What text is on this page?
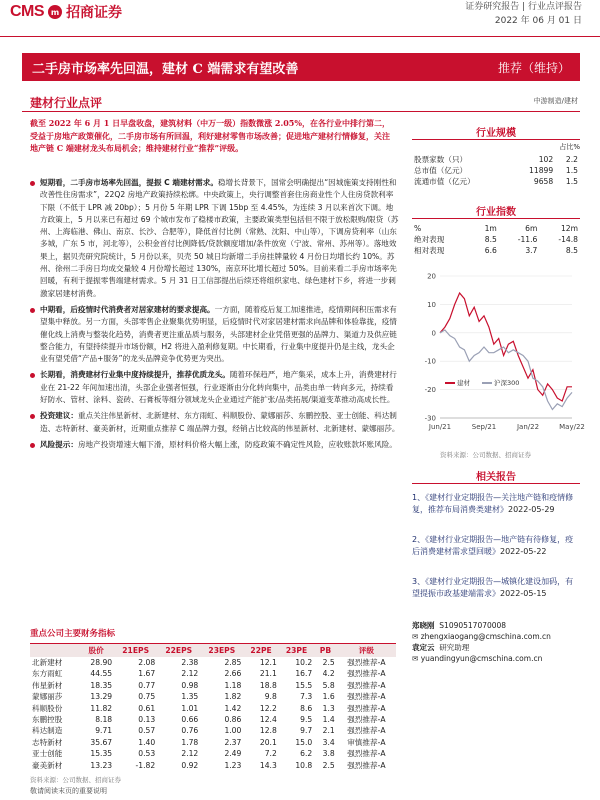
CMS m 招商证券	证券研究报告 | 行业点评报告
2022 年 06 月 01 日
二手房市场率先回温，建材 C 端需求有望改善	推荐（维持）
建材行业点评	中游制造/建材
截至 2022 年 6 月 1 日早盘收盘，建筑材料（中万一级）指数微涨 2.05%，在各行业中排行第二，受益于房地产政策催化，二手房市场有所回温，利好建材零售市场改善；促进地产建材行情修复，关注地产链 C 端建材龙头布局机会；维持建材行业“推荐”评级。
短期看，二手房市场率先回温，提振 C 端建材需求。稳增长背景下，国常会明确提出“因城施策支持刚性和改善性住房需求”，22Q2 房地产政策持续松绑。中央政策上，央行调整首套住房商业性个人住房贷款利率下限（不低于 LPR 减 20bp）；5 月份 5 年期 LPR 下调 15bp 至 4.45%，为连续 3 月以来首次下调。地方政策上，5 月以来已有超过 69 个城市发布了稳楼市政策，主要政策类型包括但不限于放松限购/限贷（苏州、上海临港、佛山、南京、长沙、合肥等），降低首付比例（常熟、沈阳、中山等），下调房贷利率（山东多城，广东 5 市，河北等），公积金首付比例降低/贷款额度增加/条件放宽（宁波、常州、苏州等）。落地效果上，据贝壳研究院统计，5 月份以来，贝壳 50 城日均新增二手房挂牌量较 4 月份日均增长约 10%。苏州、徐州二手房日均成交量较 4 月份增长超过 130%，南京环比增长超过 50%。目前来看二手房市场率先回暖，有利于提振零售端建材需求。5 月 31 日工信部提出后续还将组织家电、绿色建材下乡，将进一步刺激家居建材消费。
中期看，后疫情时代消费者对居家建材的要求提高。一方面，随着疫后复工加速推进，疫情期间积压需求有望集中释放。另一方面，头部零售企业聚集优势明显，后疫情时代对家居建材需求向品牌和体验靠拢，疫情催化线上消费与整装化趋势，消费者更注重品质与服务，头部建材企业凭借更强的品牌力、渠道力及供应链整合能力，有望持续提升市场份额，H2 将进入盈利修复期。中长期看，行业集中度提升仍是主线，龙头企业有望凭借“产品+服务”的龙头品牌竞争优势更为突出。
长期看，消费建材行业集中度持续提升，推荐优质龙头。随着环保趋严，地产集采，成本上升，消费建材行业在 21-22 年间加速出清，头部企业强者恒强，行业逐渐由分化转向集中，品类由单一转向多元，持续看好防水、管材、涂料、瓷砖、石膏板等细分领域龙头企业通过产能扩张/品类拓展/渠道变革推动高成长性。
投资建议：重点关注伟星新材、北新建材、东方雨虹、科顺股份、蒙娜丽莎、东鹏控股、亚士创能、科达制造、志特新材、豪美新材，近期重点推荐 C 端品牌力强，经销占比较高的伟星新材、北新建材、蒙娜丽莎。
风险提示：房地产投资增速大幅下滑，原材料价格大幅上涨，防疫政策不确定性风险，应收账款坏账风险。
重点公司主要财务指标
	股价	21EPS	22EPS	23EPS	22PE	23PE	PB	评级
北新建材	28.90	2.08	2.38	2.85	12.1	10.2	2.5	强烈推荐-A
东方雨虹	44.55	1.67	2.12	2.66	21.1	16.7	4.2	强烈推荐-A
伟星新材	18.35	0.77	0.98	1.18	18.8	15.5	5.8	强烈推荐-A
蒙娜丽莎	13.29	0.75	1.35	1.82	9.8	7.3	1.6	强烈推荐-A
科顺股份	11.82	0.61	1.01	1.42	12.2	8.6	1.3	强烈推荐-A
东鹏控股	8.18	0.13	0.66	0.86	12.4	9.5	1.4	强烈推荐-A
科达制造	9.71	0.57	0.76	1.00	12.8	9.7	2.1	强烈推荐-A
志特新材	35.67	1.40	1.78	2.37	20.1	15.0	3.4	审慎推荐-A
亚士创能	15.35	0.53	2.12	2.49	7.2	6.2	3.8	强烈推荐-A
豪美新材	13.23	-1.82	0.92	1.23	14.3	10.8	2.5	强烈推荐-A
资料来源：公司数据、招商证券
行业规模
占比%
股票家数（只）	102	2.2
总市值（亿元）	11899	1.5
流通市值（亿元）	9658	1.5
行业指数
%	1m	6m	12m
绝对表现	8.5	-11.6	-14.8
相对表现	6.6	3.7	8.5
建材	沪深300
20
10
0
-10
-20
-30
Jun/21	Sep/21	Jan/22	May/22
资料来源：公司数据、招商证券
相关报告
1、《建材行业定期报告—关注地产链和疫情修复，推荐布局消费类建材》2022-05-29
2、《建材行业定期报告—地产链有待修复，疫后消费建材需求望回暖》2022-05-22
3、《建材行业定期报告—城镇化建设加码，有望提振市政基建端需求》2022-05-15
郑晓刚 S1090517070008
✉ zhengxiaogang@cmschina.com.cn
袁定云 研究助理
✉ yuandingyun@cmschina.com.cn
敬请阅读末页的重要说明
